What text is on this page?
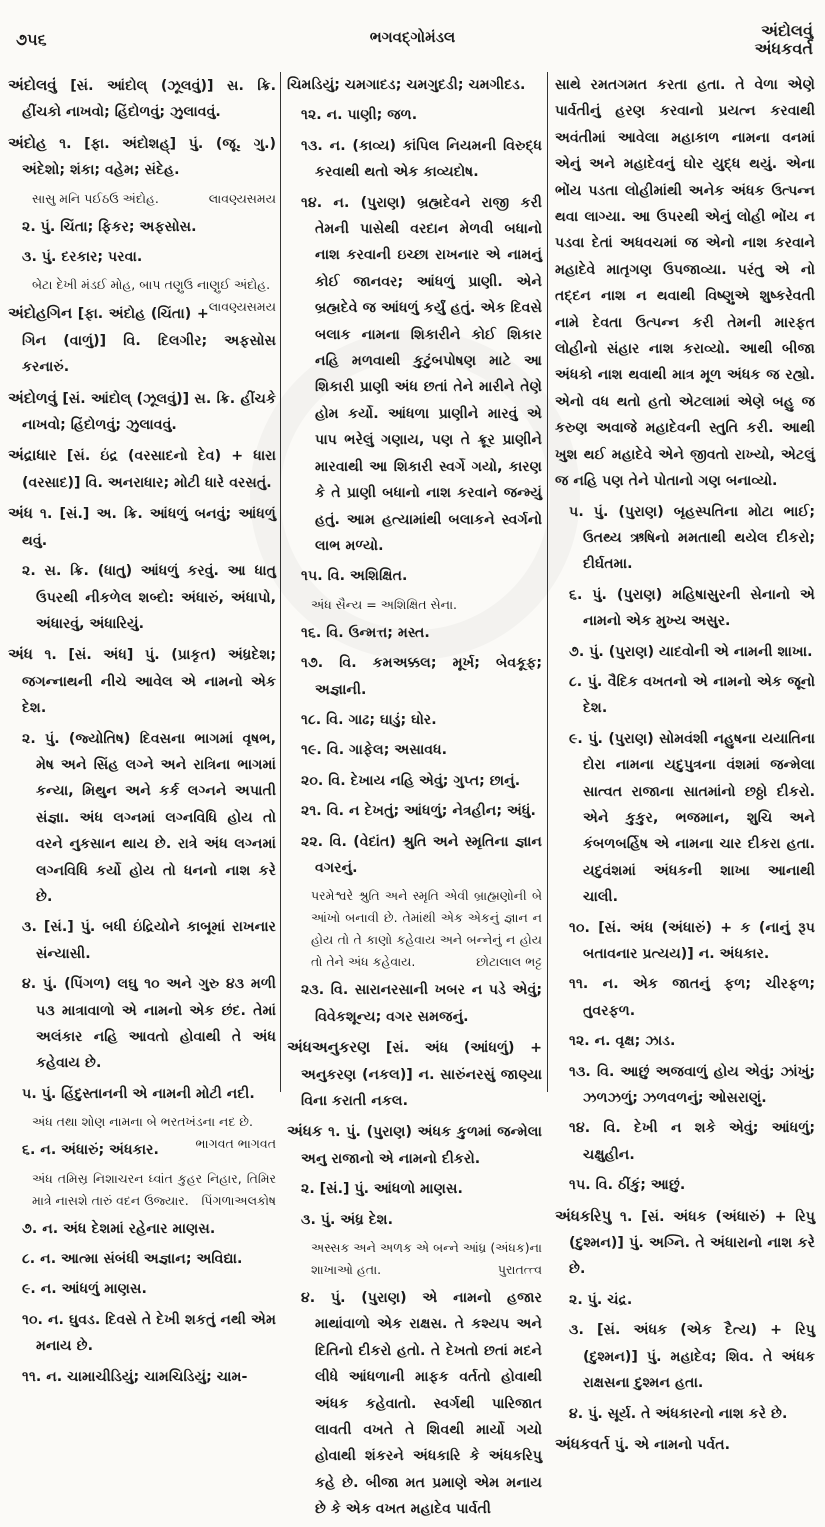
૭૫૬	ભગવદ્ગોમંડલ	અંદોલવું
અંધકવર્ત

અંદોલવું [સં. આંદોલ્ (ઝૂલવું)] સ. ક્રિ. હીંચકો નાખવો; હિંદોળવું; ઝુલાવવું.

અંદોહ ૧. [ફા. અંદોશહ્] પું. (જૂ. ગુ.) અંદેશો; શંકા; વહેમ; સંદેહ.

સાસુ મનિ પઈઠઉ અંદોહ.	લાવણ્યસમય

૨. પું. ચિંતા; ફિકર; અફસોસ.

૩. પું. દરકાર; પરવા.

બેટા દેખી મંડઈ મોહ, બાપ તણુઉ નાણુઈ અંદોહ.
લાવણ્યસમય

અંદોહગિન [ફા. અંદોહ (ચિંતા) + ગિન (વાળું)] વિ. દિલગીર; અફસોસ કરનારું.

અંદોળવું [સં. આંદોલ્ (ઝૂલવું)] સ. ક્રિ. હીંચકે નાખવો; હિંદોળવું; ઝુલાવવું.

અંદ્રાધાર [સં. ઇંદ્ર (વરસાદનો દેવ) + ધારા (વરસાદ)] વિ. અનરાધાર; મોટી ધારે વરસતું.

અંધ ૧. [સં.] અ. ક્રિ. આંધળું બનવું; આંધળું થવું.

૨. સ. ક્રિ. (ધાતુ) આંધળું કરવું. આ ધાતુ ઉપરથી નીકળેલ શબ્દો: અંધારું, અંધાપો, અંધારવું, અંધારિયું.

અંધ ૧. [સં. અંધ] પું. (પ્રાકૃત) અંધ્રદેશ; જગન્નાથની નીચે આવેલ એ નામનો એક દેશ.

૨. પું. (જ્યોતિષ) દિવસના ભાગમાં વૃષભ, મેષ અને સિંહ લગ્ને અને રાત્રિના ભાગમાં કન્યા, મિથુન અને કર્ક લગ્નને અપાતી સંજ્ઞા. અંધ લગ્નમાં લગ્નવિધિ હોય તો વરને નુકસાન થાય છે. રાત્રે અંધ લગ્નમાં લગ્નવિધિ કર્યો હોય તો ધનનો નાશ કરે છે.

૩. [સં.] પું. બધી ઇંદ્રિયોને કાબૂમાં રાખનાર સંન્યાસી.

૪. પું. (પિંગળ) લઘુ ૧૦ અને ગુરુ ૪૩ મળી ૫૩ માત્રાવાળો એ નામનો એક છંદ. તેમાં અલંકાર નહિ આવતો હોવાથી તે અંધ કહેવાય છે.

૫. પું. હિંદુસ્તાનની એ નામની મોટી નદી.

અંધ તથા શોણ નામના બે ભરતખંડના નદ છે.
ભાગવત ભાગવત

૬. ન. અંધારું; અંધકાર.

અંધ તમિસ્ર નિશાચરન ધ્વાંત કુહર નિહાર, તિમિર માત્રે નાસશે તારું વદન ઉજ્યાર. પિંગળાઅલકોષ

૭. ન. અંધ દેશમાં રહેનાર માણસ.

૮. ન. આત્મા સંબંધી અજ્ઞાન; અવિદ્યા.

૯. ન. આંધળું માણસ.

૧૦. ન. ઘુવડ. દિવસે તે દેખી શકતું નથી એમ મનાય છે.

૧૧. ન. ચામાચીડિયું; ચામચિડિયું; ચામ-

ચિમડિયું; ચમગાદડ; ચમગુદડી; ચમગીદડ.

૧૨. ન. પાણી; જળ.

૧૩. ન. (કાવ્ય) કાંપિલ નિયમની વિરુદ્ધ કરવાથી થતો એક કાવ્યદોષ.

૧૪. ન. (પુરાણ) બ્રહ્મદેવને રાજી કરી તેમની પાસેથી વરદાન મેળવી બધાનો નાશ કરવાની ઇચ્છા રાખનાર એ નામનું કોઈ જાનવર; આંધળું પ્રાણી. એને બ્રહ્મદેવે જ આંધળું કર્યું હતું. એક દિવસે બલાક નામના શિકારીને કોઈ શિકાર નહિ મળવાથી કુટુંબપોષણ માટે આ શિકારી પ્રાણી અંધ છતાં તેને મારીને તેણે હોમ કર્યો. આંધળા પ્રાણીને મારવું એ પાપ ભરેલું ગણાય, પણ તે ક્રૂર પ્રાણીને મારવાથી આ શિકારી સ્વર્ગે ગયો, કારણ કે તે પ્રાણી બધાનો નાશ કરવાને જન્મ્યું હતું. આમ હત્યામાંથી બલાકને સ્વર્ગનો લાભ મળ્યો.

૧૫. વિ. અશિક્ષિત.

અંધ સૈન્ય = અશિક્ષિત સેના.

૧૬. વિ. ઉન્મત્ત; મસ્ત.

૧૭. વિ. કમઅક્કલ; મૂર્ખ; બેવકૂફ; અજ્ઞાની.

૧૮. વિ. ગાઢ; ઘાડું; ઘોર.

૧૯. વિ. ગાફેલ; અસાવધ.

૨૦. વિ. દેખાય નહિ એવું; ગુપ્ત; છાનું.

૨૧. વિ. ન દેખતું; આંધળું; નેત્રહીન; અંધું.

૨૨. વિ. (વેદાંત) શ્રુતિ અને સ્મૃતિના જ્ઞાન વગરનું.

પરમેશ્વરે શ્રુતિ અને સ્મૃતિ એવી બ્રાહ્મણોની બે આંખો બનાવી છે. તેમાંથી એક એકનું જ્ઞાન ન હોય તો તે કાણો કહેવાય અને બન્નેનું ન હોય તો તેને અંધ કહેવાય.	છોટાલાલ ભટ્ટ

૨૩. વિ. સારાનરસાની ખબર ન પડે એવું; વિવેકશૂન્ય; વગર સમજનું.

અંધઅનુકરણ [સં. અંધ (આંધળું) + અનુકરણ (નકલ)] ન. સારુંનરસું જાણ્યા વિના કરાતી નકલ.

અંધક ૧. પું. (પુરાણ) અંધક કુળમાં જન્મેલા અનુ રાજાનો એ નામનો દીકરો.

૨. [સં.] પું. આંધળો માણસ.

૩. પું. અંધ્ર દેશ.

અસ્સક અને અળક એ બન્ને આંધ્ર (અંધક)ના શાખાઓ હતા.	પુરાતત્ત્વ

૪. પું. (પુરાણ) એ નામનો હજાર માથાંવાળો એક રાક્ષસ. તે કશ્યપ અને દિતિનો દીકરો હતો. તે દેખતો છતાં મદને લીધે આંધળાની માફક વર્તતો હોવાથી અંધક કહેવાતો. સ્વર્ગથી પારિજાત લાવતી વખતે તે શિવથી માર્યો ગયો હોવાથી શંકરને અંધકારિ કે અંધકરિપુ કહે છે. બીજા મત પ્રમાણે એમ મનાય છે કે એક વખત મહાદેવ પાર્વતી

સાથે રમતગમત કરતા હતા. તે વેળા એણે પાર્વતીનું હરણ કરવાનો પ્રયત્ન કરવાથી અવંતીમાં આવેલા મહાકાળ નામના વનમાં એનું અને મહાદેવનું ઘોર યુદ્ધ થયું. એના ભોંય પડતા લોહીમાંથી અનેક અંધક ઉત્પન્ન થવા લાગ્યા. આ ઉપરથી એનું લોહી ભોંય ન પડવા દેતાં અધવચમાં જ એનો નાશ કરવાને મહાદેવે માતૃગણ ઉપજાવ્યા. પરંતુ એ નો તદ્દન નાશ ન થવાથી વિષ્ણુએ શુષ્કરેવતી નામે દેવતા ઉત્પન્ન કરી તેમની મારફત લોહીનો સંહાર નાશ કરાવ્યો. આથી બીજા અંધકો નાશ થવાથી માત્ર મૂળ અંધક જ રહ્યો. એનો વધ થતો હતો એટલામાં એણે બહુ જ કરુણ અવાજે મહાદેવની સ્તુતિ કરી. આથી ખુશ થઈ મહાદેવે એને જીવતો રાખ્યો, એટલું જ નહિ પણ તેને પોતાનો ગણ બનાવ્યો.

૫. પું. (પુરાણ) બૃહસ્પતિના મોટા ભાઈ; ઉતથ્ય ઋષિનો મમતાથી થયેલ દીકરો; દીર્ઘતમા.

૬. પું. (પુરાણ) મહિષાસુરની સેનાનો એ નામનો એક મુખ્ય અસુર.

૭. પું. (પુરાણ) યાદવોની એ નામની શાખા.

૮. પું. વૈદિક વખતનો એ નામનો એક જૂનો દેશ.

૯. પું. (પુરાણ) સોમવંશી નહુષના યયાતિના દોરા નામના યદુપુત્રના વંશમાં જન્મેલા સાત્વત રાજાના સાતમાંનો છઠ્ઠો દીકરો. એને કુકુર, ભજમાન, શુચિ અને કંબળબર્હિષ એ નામના ચાર દીકરા હતા. યદુવંશમાં અંધકની શાખા આનાથી ચાલી.

૧૦. [સં. અંધ (અંધારું) + ક (નાનું રૂપ બતાવનાર પ્રત્યય)] ન. અંધકાર.

૧૧. ન. એક જાતનું ફળ; ચીરફળ; તુવરફળ.

૧૨. ન. વૃક્ષ; ઝાડ.

૧૩. વિ. આછું અજવાળું હોય એવું; ઝાંખું; ઝળઝળું; ઝળવળનું; ઓસરાણું.

૧૪. વિ. દેખી ન શકે એવું; આંધળું; ચક્ષુહીન.

૧૫. વિ. ઠીંકું; આછું.

અંધકરિપુ ૧. [સં. અંધક (અંધારું) + રિપુ (દુશ્મન)] પું. અગ્નિ. તે અંધારાનો નાશ કરે છે.

૨. પું. ચંદ્ર.

૩. [સં. અંધક (એક દૈત્ય) + રિપુ (દુશ્મન)] પું. મહાદેવ; શિવ. તે અંધક રાક્ષસના દુશ્મન હતા.

૪. પું. સૂર્ય. તે અંધકારનો નાશ કરે છે.

અંધકવર્ત પું. એ નામનો પર્વત.
